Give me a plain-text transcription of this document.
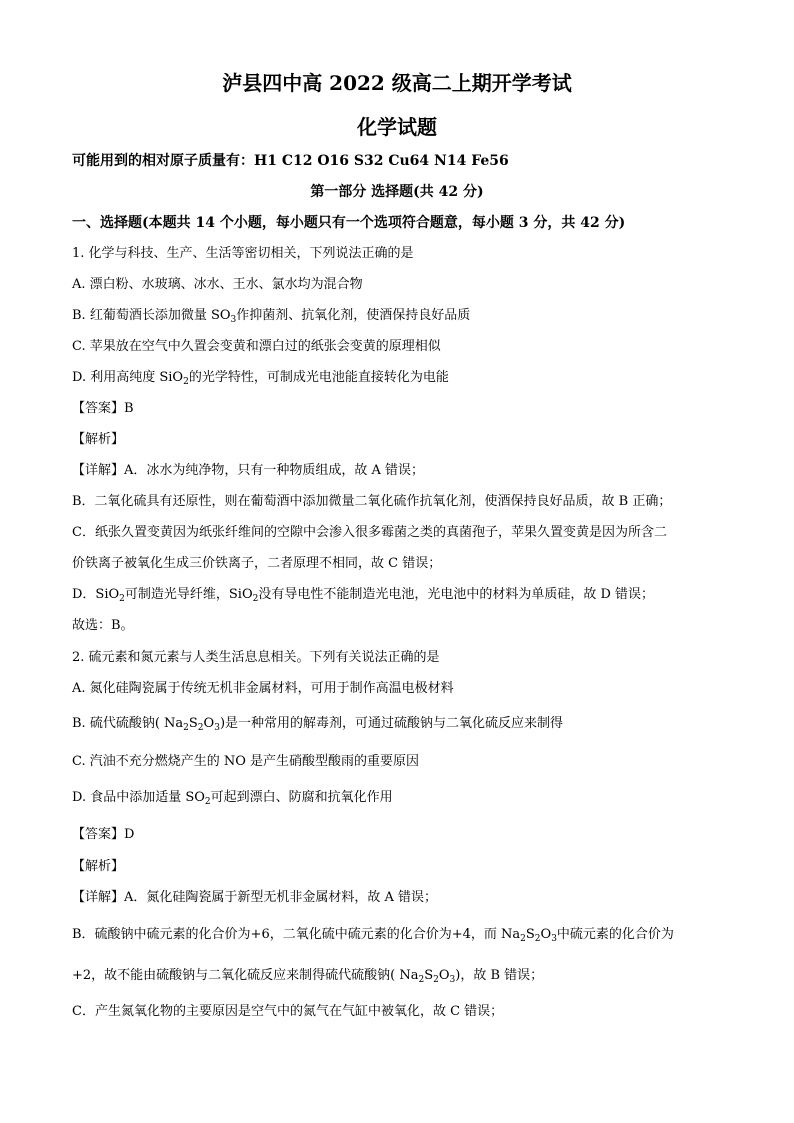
泸县四中高 2022 级高二上期开学考试
化学试题
可能用到的相对原子质量有：H1 C12 O16 S32 Cu64 N14 Fe56
第一部分 选择题(共 42 分)
一、选择题(本题共 14 个小题，每小题只有一个选项符合题意，每小题 3 分，共 42 分)
1. 化学与科技、生产、生活等密切相关，下列说法正确的是
A. 漂白粉、水玻璃、冰水、王水、氯水均为混合物
B. 红葡萄酒长添加微量 $SO_3$作抑菌剂、抗氧化剂，使酒保持良好品质
C. 苹果放在空气中久置会变黄和漂白过的纸张会变黄的原理相似
D. 利用高纯度 SiO$_2$的光学特性，可制成光电池能直接转化为电能
【答案】B
【解析】
【详解】A．冰水为纯净物，只有一种物质组成，故 A 错误；
B．二氧化硫具有还原性，则在葡萄酒中添加微量二氧化硫作抗氧化剂，使酒保持良好品质，故 B 正确；
C．纸张久置变黄因为纸张纤维间的空隙中会渗入很多霉菌之类的真菌孢子，苹果久置变黄是因为所含二
价铁离子被氧化生成三价铁离子，二者原理不相同，故 C 错误；
D．SiO$_2$可制造光导纤维，SiO$_2$没有导电性不能制造光电池，光电池中的材料为单质硅，故 D 错误；
故选：B。
2. 硫元素和氮元素与人类生活息息相关。下列有关说法正确的是
A. 氮化硅陶瓷属于传统无机非金属材料，可用于制作高温电极材料
B. 硫代硫酸钠( $Na_2S_2O_3$)是一种常用的解毒剂，可通过硫酸钠与二氧化硫反应来制得
C. 汽油不充分燃烧产生的 NO 是产生硝酸型酸雨的重要原因
D. 食品中添加适量 $SO_2$可起到漂白、防腐和抗氧化作用
【答案】D
【解析】
【详解】A．氮化硅陶瓷属于新型无机非金属材料，故 A 错误；
B．硫酸钠中硫元素的化合价为+6，二氧化硫中硫元素的化合价为+4，而 $Na_2S_2O_3$中硫元素的化合价为
+2，故不能由硫酸钠与二氧化硫反应来制得硫代硫酸钠( $Na_2S_2O_3$)，故 B 错误；
C．产生氮氧化物的主要原因是空气中的氮气在气缸中被氧化，故 C 错误；
